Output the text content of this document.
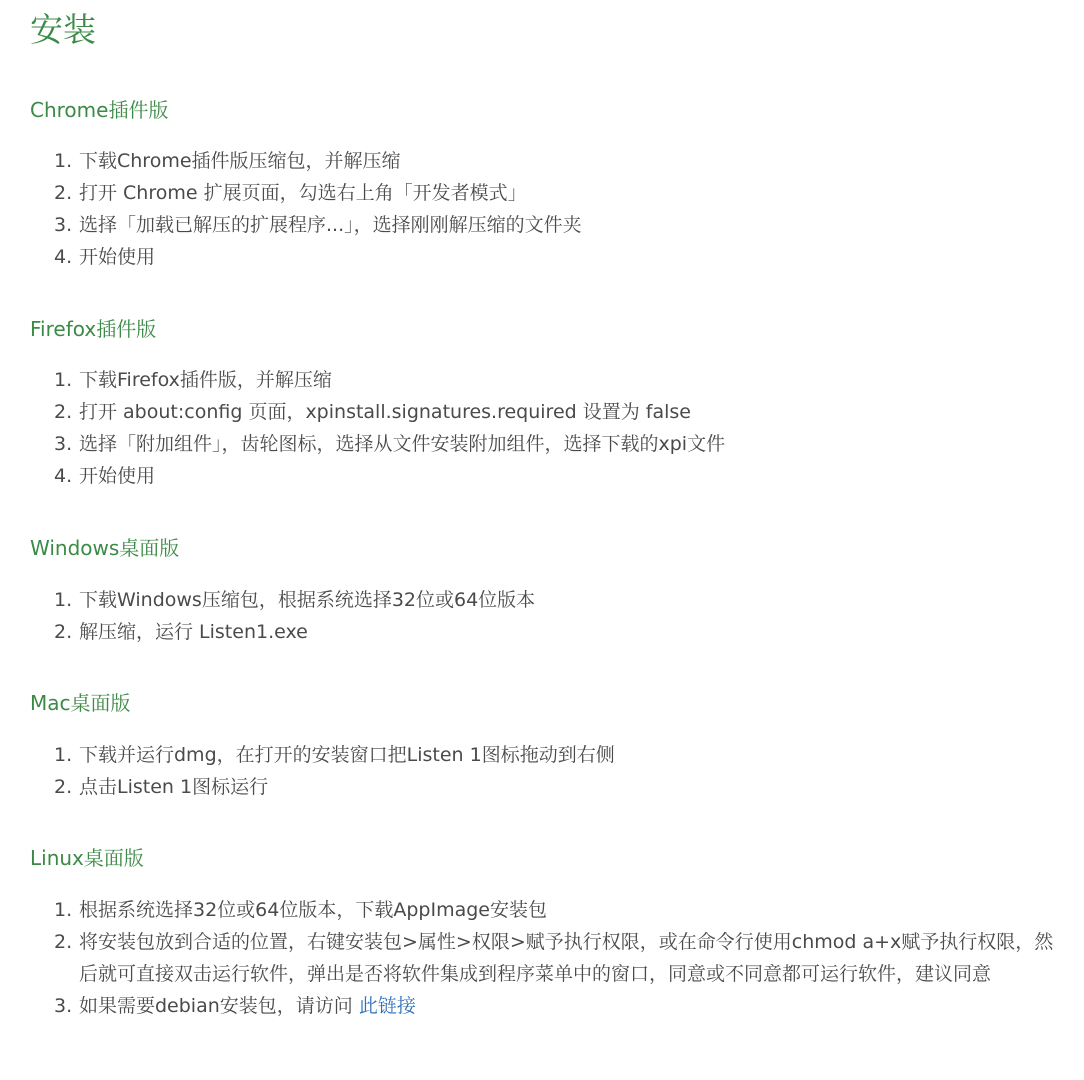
安装
Chrome插件版
1. 下载Chrome插件版压缩包，并解压缩
2. 打开 Chrome 扩展页面，勾选右上角「开发者模式」
3. 选择「加载已解压的扩展程序...」，选择刚刚解压缩的文件夹
4. 开始使用
Firefox插件版
1. 下载Firefox插件版，并解压缩
2. 打开 about:config 页面，xpinstall.signatures.required 设置为 false
3. 选择「附加组件」，齿轮图标，选择从文件安装附加组件，选择下载的xpi文件
4. 开始使用
Windows桌面版
1. 下载Windows压缩包，根据系统选择32位或64位版本
2. 解压缩，运行 Listen1.exe
Mac桌面版
1. 下载并运行dmg，在打开的安装窗口把Listen 1图标拖动到右侧
2. 点击Listen 1图标运行
Linux桌面版
1. 根据系统选择32位或64位版本，下载AppImage安装包
2. 将安装包放到合适的位置，右键安装包>属性>权限>赋予执行权限，或在命令行使用chmod a+x赋予执行权限，然后就可直接双击运行软件，弹出是否将软件集成到程序菜单中的窗口，同意或不同意都可运行软件，建议同意
3. 如果需要debian安装包，请访问 此链接
